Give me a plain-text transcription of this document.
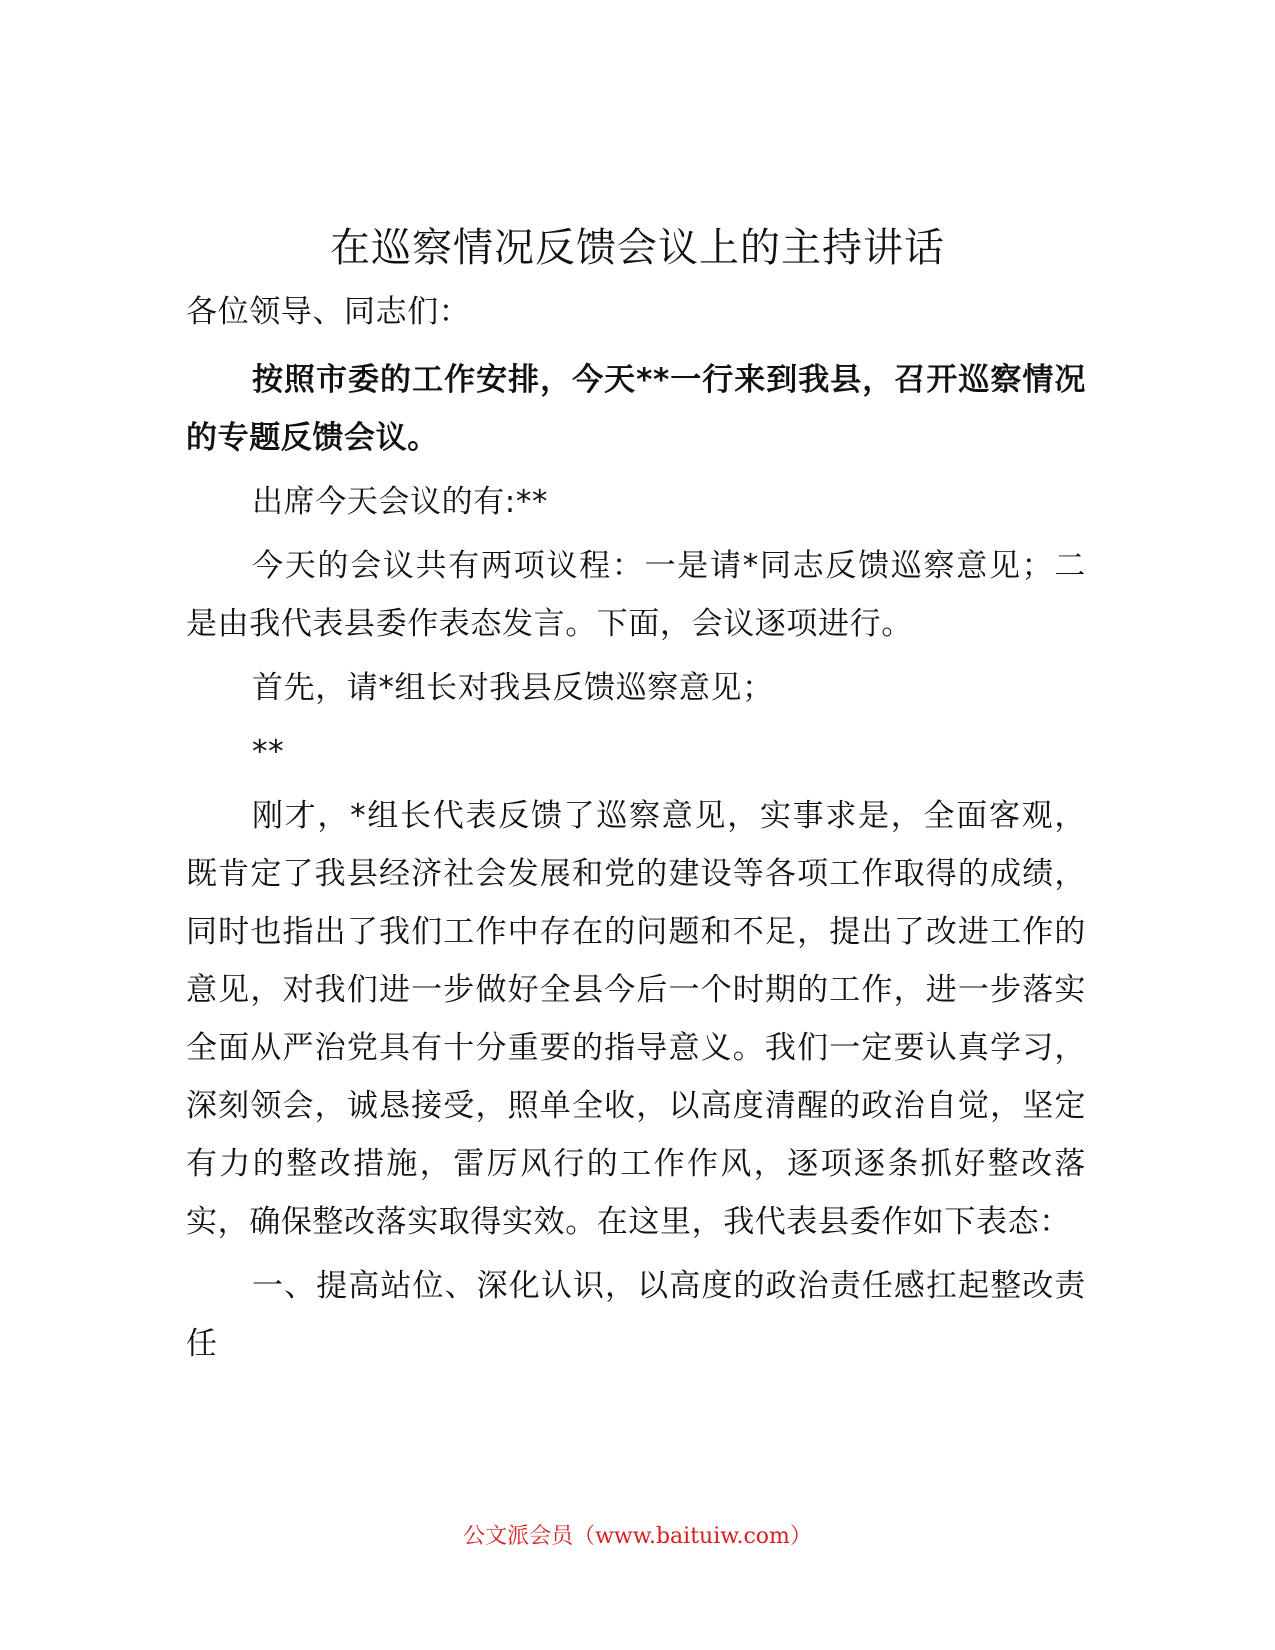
在巡察情况反馈会议上的主持讲话

各位领导、同志们：

按照市委的工作安排，今天**一行来到我县，召开巡察情况的专题反馈会议。

出席今天会议的有:**

今天的会议共有两项议程：一是请*同志反馈巡察意见；二是由我代表县委作表态发言。下面，会议逐项进行。

首先，请*组长对我县反馈巡察意见；

**

刚才，*组长代表反馈了巡察意见，实事求是，全面客观，既肯定了我县经济社会发展和党的建设等各项工作取得的成绩，同时也指出了我们工作中存在的问题和不足，提出了改进工作的意见，对我们进一步做好全县今后一个时期的工作，进一步落实全面从严治党具有十分重要的指导意义。我们一定要认真学习，深刻领会，诚恳接受，照单全收，以高度清醒的政治自觉，坚定有力的整改措施，雷厉风行的工作作风，逐项逐条抓好整改落实，确保整改落实取得实效。在这里，我代表县委作如下表态：

一、提高站位、深化认识，以高度的政治责任感扛起整改责任

公文派会员（www.baituiw.com）
